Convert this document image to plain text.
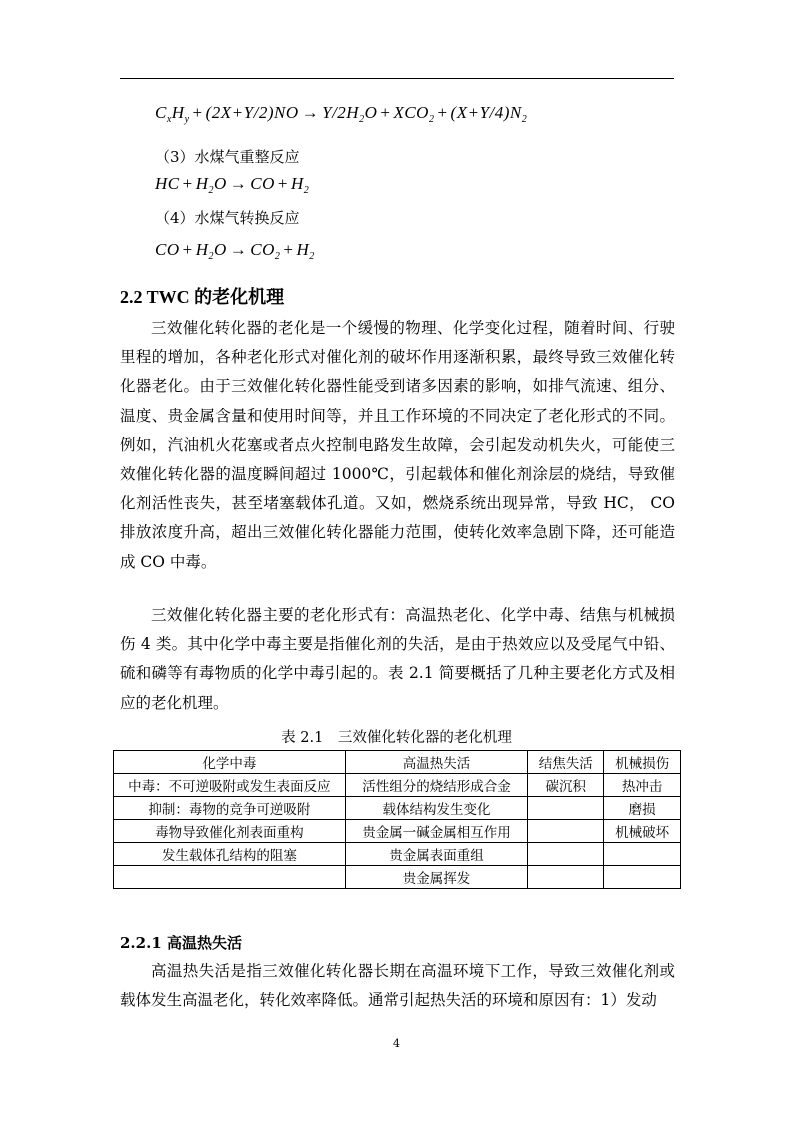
$C_xH_y + (2X+Y/2)NO \to Y/2H_2O + XCO_2 + (X+Y/4)N_2$
（3）水煤气重整反应
HC + $H_2O$ → CO + $H_2$
（4）水煤气转换反应
CO + $H_2O \to CO_2 + H_2$
2.2 TWC 的老化机理

三效催化转化器的老化是一个缓慢的物理、化学变化过程，随着时间、行驶里程的增加，各种老化形式对催化剂的破坏作用逐渐积累，最终导致三效催化转化器老化。由于三效催化转化器性能受到诸多因素的影响，如排气流速、组分、温度、贵金属含量和使用时间等，并且工作环境的不同决定了老化形式的不同。例如，汽油机火花塞或者点火控制电路发生故障，会引起发动机失火，可能使三效催化转化器的温度瞬间超过 1000℃，引起载体和催化剂涂层的烧结，导致催化剂活性丧失，甚至堵塞载体孔道。又如，燃烧系统出现异常，导致 HC， CO 排放浓度升高，超出三效催化转化器能力范围，使转化效率急剧下降，还可能造成 CO 中毒。

三效催化转化器主要的老化形式有：高温热老化、化学中毒、结焦与机械损伤 4 类。其中化学中毒主要是指催化剂的失活，是由于热效应以及受尾气中铅、硫和磷等有毒物质的化学中毒引起的。表 2.1 简要概括了几种主要老化方式及相应的老化机理。

表 2.1　三效催化转化器的老化机理
化学中毒	高温热失活	结焦失活	机械损伤
中毒：不可逆吸附或发生表面反应	活性组分的烧结形成合金	碳沉积	热冲击
抑制：毒物的竞争可逆吸附	载体结构发生变化		磨损
毒物导致催化剂表面重构	贵金属一碱金属相互作用		机械破坏
发生载体孔结构的阻塞	贵金属表面重组		
	贵金属挥发		
2.2.1 高温热失活

高温热失活是指三效催化转化器长期在高温环境下工作，导致三效催化剂或载体发生高温老化，转化效率降低。通常引起热失活的环境和原因有：1）发动

4
